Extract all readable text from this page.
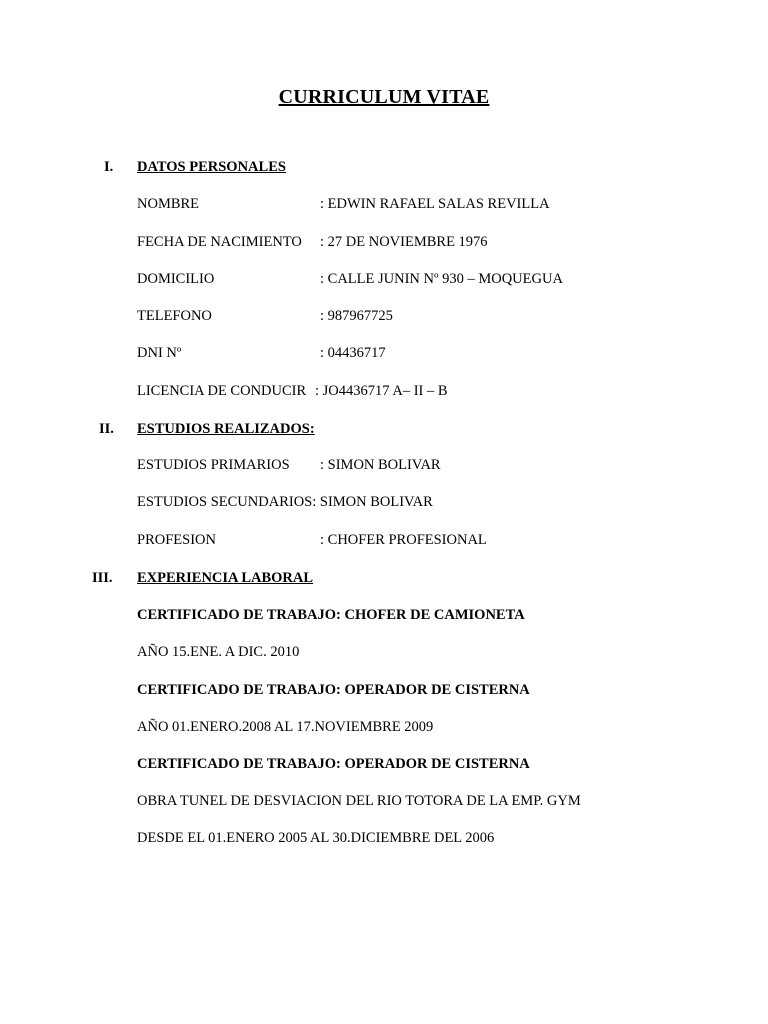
CURRICULUM VITAE
I. DATOS PERSONALES
NOMBRE	: EDWIN RAFAEL SALAS REVILLA
FECHA DE NACIMIENTO : 27 DE NOVIEMBRE 1976
DOMICILIO	: CALLE JUNIN Nº 930 – MOQUEGUA
TELEFONO	: 987967725
DNI Nº	: 04436717
LICENCIA DE CONDUCIR : JO4436717 A– II – B
II. ESTUDIOS REALIZADOS:
ESTUDIOS PRIMARIOS : SIMON BOLIVAR
ESTUDIOS SECUNDARIOS: SIMON BOLIVAR
PROFESION	: CHOFER PROFESIONAL
III. EXPERIENCIA LABORAL
CERTIFICADO DE TRABAJO: CHOFER DE CAMIONETA
AÑO 15.ENE. A DIC. 2010
CERTIFICADO DE TRABAJO: OPERADOR DE CISTERNA
AÑO 01.ENERO.2008 AL 17.NOVIEMBRE 2009
CERTIFICADO DE TRABAJO: OPERADOR DE CISTERNA
OBRA TUNEL DE DESVIACION DEL RIO TOTORA DE LA EMP. GYM
DESDE EL 01.ENERO 2005 AL 30.DICIEMBRE DEL 2006
